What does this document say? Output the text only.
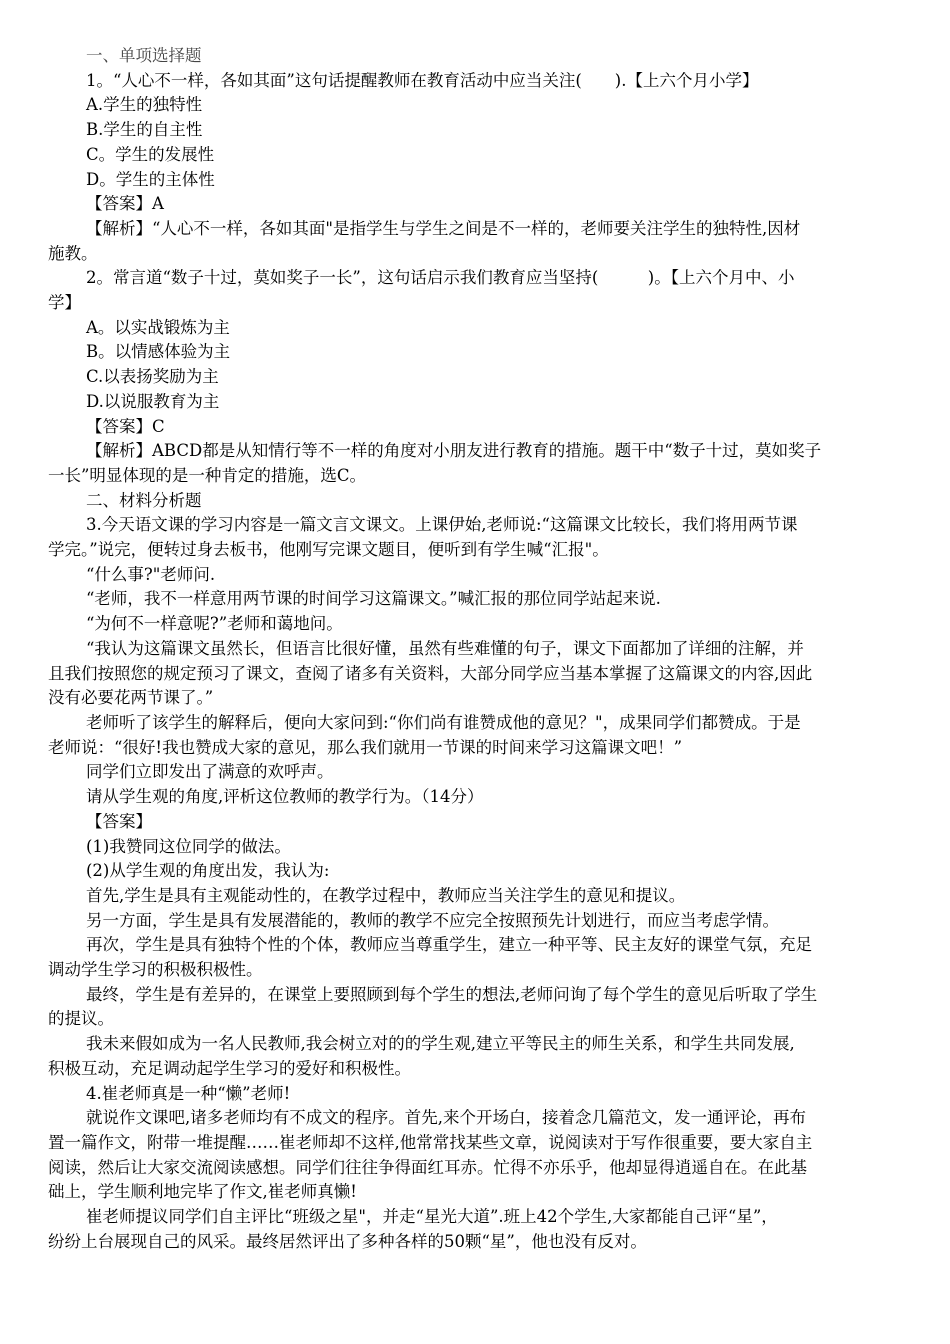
一、单项选择题
1。“人心不一样，各如其面”这句话提醒教师在教育活动中应当关注(　　).【上六个月小学】
A.学生的独特性
B.学生的自主性
C。学生的发展性
D。学生的主体性
【答案】A
【解析】“人心不一样，各如其面"是指学生与学生之间是不一样的，老师要关注学生的独特性,因材
施教。
2。常言道“数子十过，莫如奖子一长”，这句话启示我们教育应当坚持(　　　)。【上六个月中、小
学】
A。以实战锻炼为主
B。以情感体验为主
C.以表扬奖励为主
D.以说服教育为主
【答案】C
【解析】ABCD都是从知情行等不一样的角度对小朋友进行教育的措施。题干中“数子十过，莫如奖子
一长”明显体现的是一种肯定的措施，选C。
二、材料分析题
3.今天语文课的学习内容是一篇文言文课文。上课伊始,老师说:“这篇课文比较长，我们将用两节课
学完。”说完，便转过身去板书，他刚写完课文题目，便听到有学生喊“汇报"。
“什么事?"老师问.
“老师，我不一样意用两节课的时间学习这篇课文。”喊汇报的那位同学站起来说.
“为何不一样意呢?”老师和蔼地问。
“我认为这篇课文虽然长，但语言比很好懂，虽然有些难懂的句子，课文下面都加了详细的注解，并
且我们按照您的规定预习了课文，查阅了诸多有关资料，大部分同学应当基本掌握了这篇课文的内容,因此
没有必要花两节课了。”
老师听了该学生的解释后，便向大家问到:“你们尚有谁赞成他的意见？"，成果同学们都赞成。于是
老师说：“很好!我也赞成大家的意见，那么我们就用一节课的时间来学习这篇课文吧！”
同学们立即发出了满意的欢呼声。
请从学生观的角度,评析这位教师的教学行为。（14分）
【答案】
(1)我赞同这位同学的做法。
(2)从学生观的角度出发，我认为:
首先,学生是具有主观能动性的，在教学过程中，教师应当关注学生的意见和提议。
另一方面，学生是具有发展潜能的，教师的教学不应完全按照预先计划进行，而应当考虑学情。
再次，学生是具有独特个性的个体，教师应当尊重学生，建立一种平等、民主友好的课堂气氛，充足
调动学生学习的积极积极性。
最终，学生是有差异的，在课堂上要照顾到每个学生的想法,老师问询了每个学生的意见后听取了学生
的提议。
我未来假如成为一名人民教师,我会树立对的的学生观,建立平等民主的师生关系，和学生共同发展,
积极互动，充足调动起学生学习的爱好和积极性。
4.崔老师真是一种“懒”老师!
就说作文课吧,诸多老师均有不成文的程序。首先,来个开场白，接着念几篇范文，发一通评论，再布
置一篇作文，附带一堆提醒……崔老师却不这样,他常常找某些文章，说阅读对于写作很重要，要大家自主
阅读，然后让大家交流阅读感想。同学们往往争得面红耳赤。忙得不亦乐乎，他却显得逍遥自在。在此基
础上，学生顺利地完毕了作文,崔老师真懒!
崔老师提议同学们自主评比“班级之星"，并走“星光大道”.班上42个学生,大家都能自己评“星”，
纷纷上台展现自己的风采。最终居然评出了多种各样的50颗“星”，他也没有反对。
